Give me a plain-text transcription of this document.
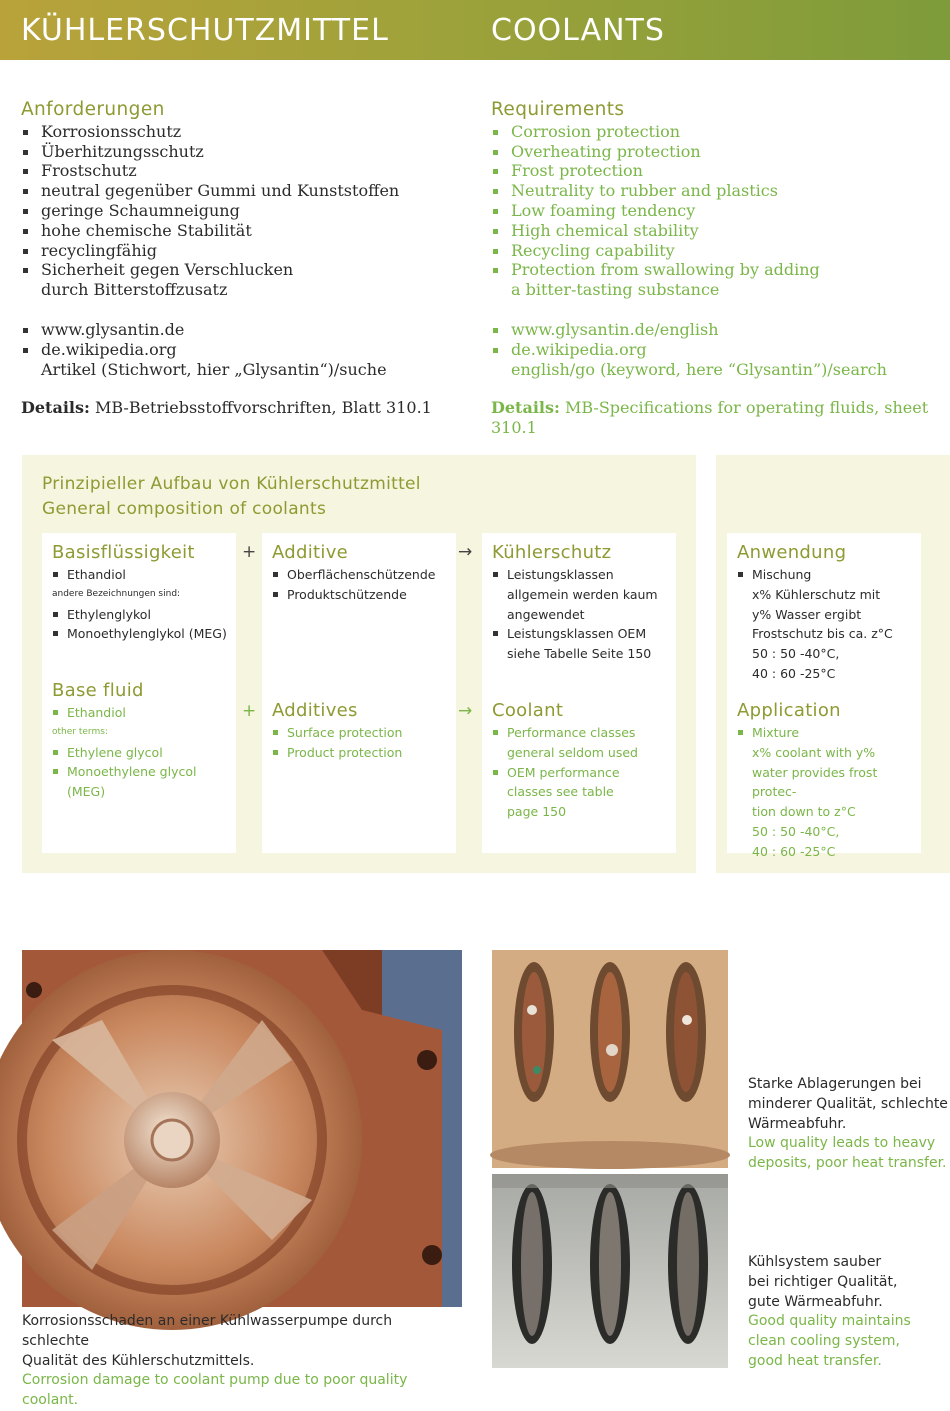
KÜHLERSCHUTZMITTEL	COOLANTS
Anforderungen
Korrosionsschutz
Überhitzungsschutz
Frostschutz
neutral gegenüber Gummi und Kunststoffen
geringe Schaumneigung
hohe chemische Stabilität
recyclingfähig
Sicherheit gegen Verschlucken
durch Bitterstoffzusatz
www.glysantin.de
de.wikipedia.org
Artikel (Stichwort, hier „Glysantin“)/suche
Details: MB-Betriebsstoffvorschriften, Blatt 310.1
Requirements
Corrosion protection
Overheating protection
Frost protection
Neutrality to rubber and plastics
Low foaming tendency
High chemical stability
Recycling capability
Protection from swallowing by adding
a bitter-tasting substance
www.glysantin.de/english
de.wikipedia.org
english/go (keyword, here “Glysantin”)/search
Details: MB-Specifications for operating fluids, sheet 310.1
Prinzipieller Aufbau von Kühlerschutzmittel
General composition of coolants
Basisflüssigkeit
Ethandiol
andere Bezeichnungen sind:
Ethylenglykol
Monoethylenglykol (MEG)
Base fluid
Ethandiol
other terms:
Ethylene glycol
Monoethylene glycol
(MEG)
+
+
Additive
Oberflächenschützende
Produktschützende
Additives
Surface protection
Product protection
→
→
Kühlerschutz
Leistungsklassen
allgemein werden kaum
angewendet
Leistungsklassen OEM
siehe Tabelle Seite 150
Coolant
Performance classes
general seldom used
OEM performance
classes see table
page 150
Anwendung
Mischung
x% Kühlerschutz mit
y% Wasser ergibt
Frostschutz bis ca. z°C
50 : 50 -40°C,
40 : 60 -25°C
Application
Mixture
x% coolant with y%
water provides frost protec-
tion down to z°C
50 : 50 -40°C,
40 : 60 -25°C
Korrosionsschaden an einer Kühlwasserpumpe durch schlechte
Qualität des Kühlerschutzmittels.
Corrosion damage to coolant pump due to poor quality coolant.
Starke Ablagerungen bei
minderer Qualität, schlechte
Wärmeabfuhr.
Low quality leads to heavy
deposits, poor heat transfer.
Kühlsystem sauber
bei richtiger Qualität,
gute Wärmeabfuhr.
Good quality maintains
clean cooling system,
good heat transfer.
